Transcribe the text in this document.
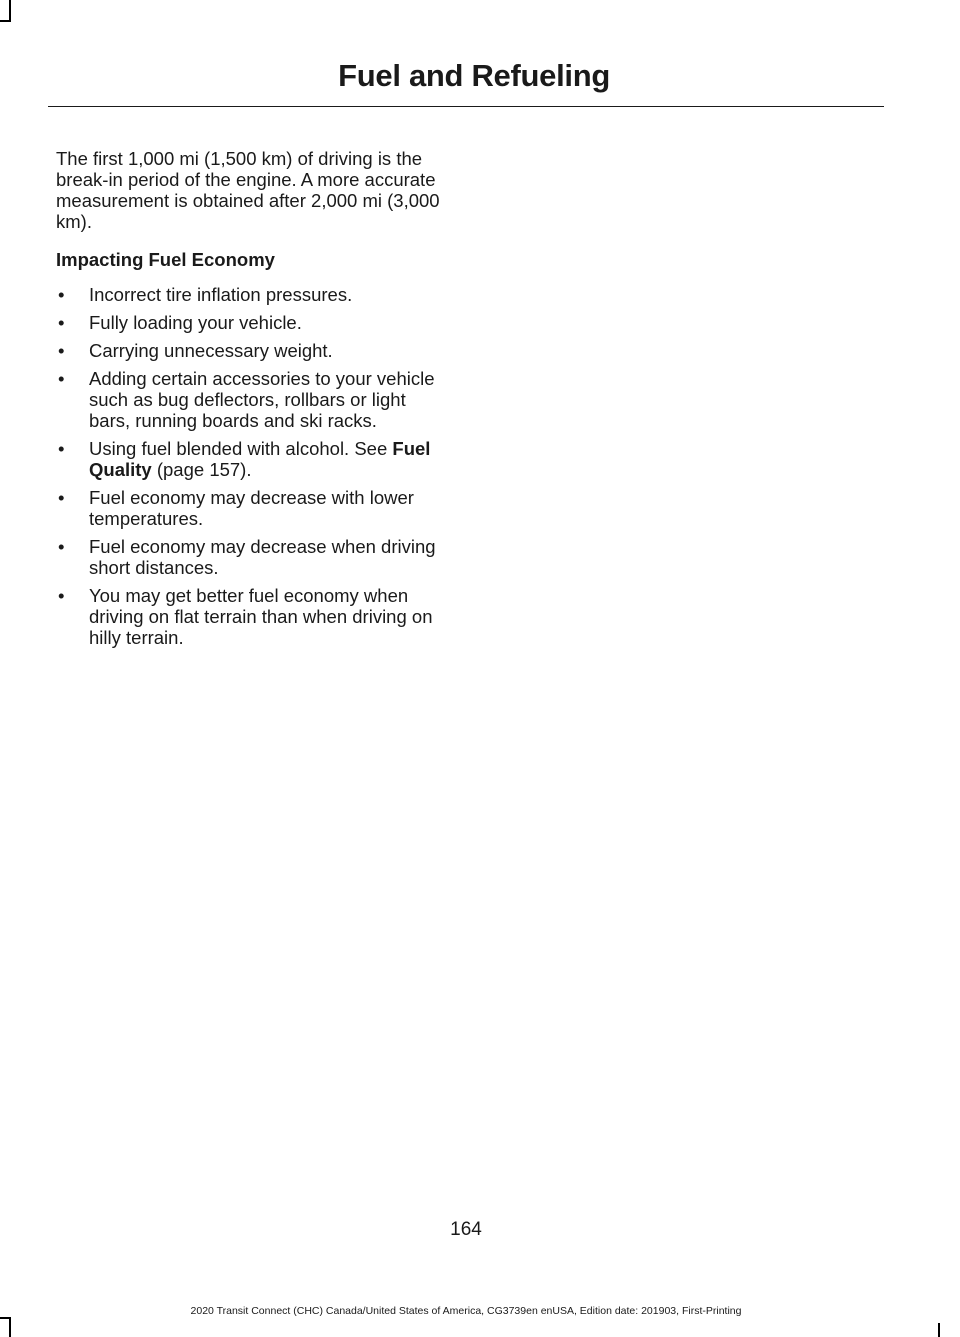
Fuel and Refueling

The first 1,000 mi (1,500 km) of driving is the break-in period of the engine. A more accurate measurement is obtained after 2,000 mi (3,000 km).

Impacting Fuel Economy

• Incorrect tire inflation pressures.
• Fully loading your vehicle.
• Carrying unnecessary weight.
• Adding certain accessories to your vehicle such as bug deflectors, rollbars or light bars, running boards and ski racks.
• Using fuel blended with alcohol. See Fuel Quality (page 157).
• Fuel economy may decrease with lower temperatures.
• Fuel economy may decrease when driving short distances.
• You may get better fuel economy when driving on flat terrain than when driving on hilly terrain.
164
2020 Transit Connect (CHC) Canada/United States of America, CG3739en enUSA, Edition date: 201903, First-Printing
